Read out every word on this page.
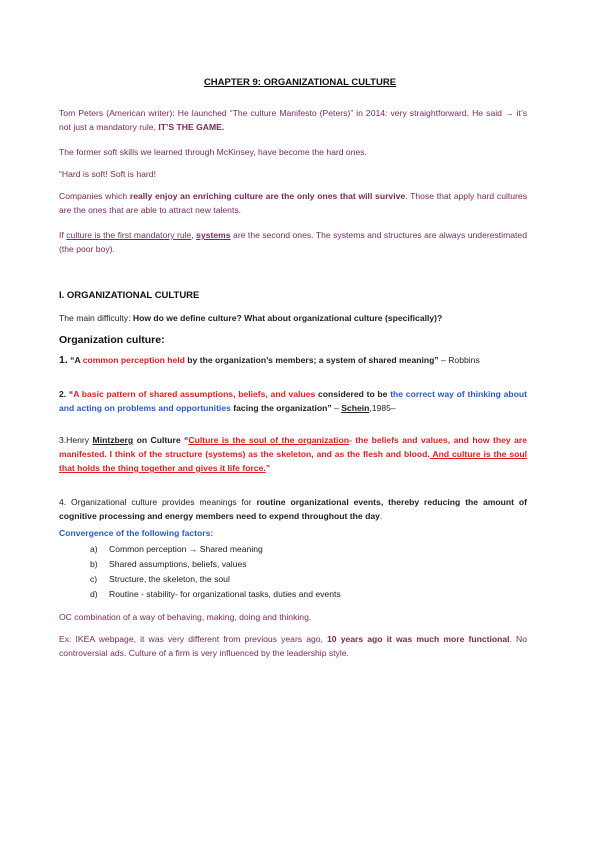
CHAPTER 9: ORGANIZATIONAL CULTURE
Tom Peters (American writer): He launched “The culture Manifesto (Peters)” in 2014: very straightforward. He said → it’s not just a mandatory rule, IT’S THE GAME.
The former soft skills we learned through McKinsey, have become the hard ones.
“Hard is soft! Soft is hard!
Companies which really enjoy an enriching culture are the only ones that will survive. Those that apply hard cultures are the ones that are able to attract new talents.
If culture is the first mandatory rule, systems are the second ones. The systems and structures are always underestimated (the poor boy).
I. ORGANIZATIONAL CULTURE
The main difficulty: How do we define culture? What about organizational culture (specifically)?
Organization culture:
1. “A common perception held by the organization’s members; a system of shared meaning” – Robbins
2. “A basic pattern of shared assumptions, beliefs, and values considered to be the correct way of thinking about and acting on problems and opportunities facing the organization” – Schein,1985–
3.Henry Mintzberg on Culture “Culture is the soul of the organization- the beliefs and values, and how they are manifested. I think of the structure (systems) as the skeleton, and as the flesh and blood. And culture is the soul that holds the thing together and gives it life force.”
4. Organizational culture provides meanings for routine organizational events, thereby reducing the amount of cognitive processing and energy members need to expend throughout the day.
Convergence of the following factors:
a)	Common perception → Shared meaning
b)	Shared assumptions, beliefs, values
c)	Structure, the skeleton, the soul
d)	Routine - stability- for organizational tasks, duties and events
OC combination of a way of behaving, making, doing and thinking.
Ex: IKEA webpage, it was very different from previous years ago, 10 years ago it was much more functional. No controversial ads. Culture of a firm is very influenced by the leadership style.
